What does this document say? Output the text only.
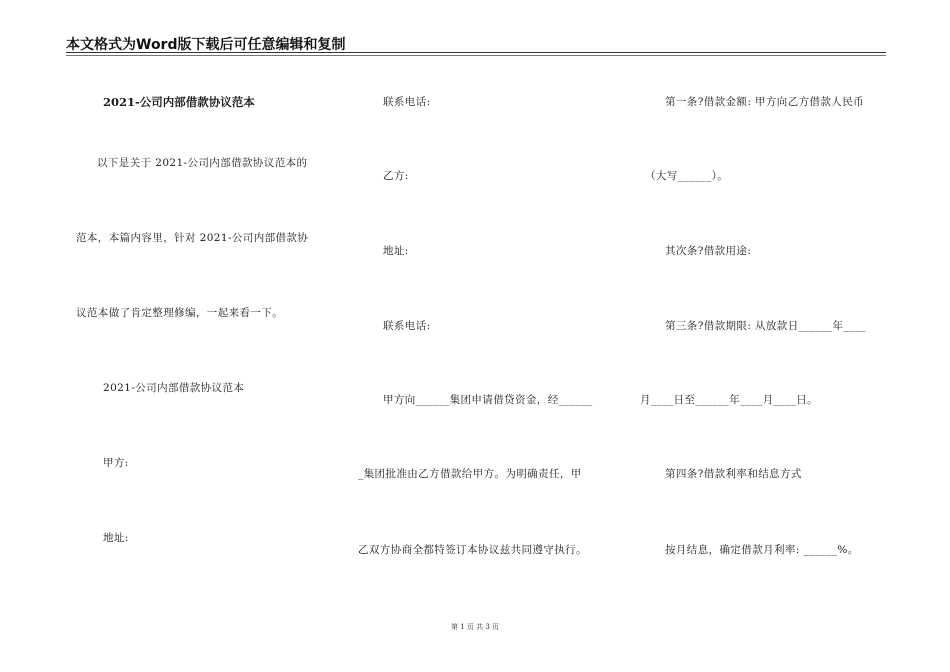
本文格式为Word版下载后可任意编辑和复制
2021-公司内部借款协议范本
以下是关于 2021-公司内部借款协议范本的
范本，本篇内容里，针对 2021-公司内部借款协
议范本做了肯定整理修编，一起来看一下。
2021-公司内部借款协议范本
甲方:
地址:
联系电话:
乙方:
地址:
联系电话:
甲方向______集团申请借贷资金，经______
_集团批准由乙方借款给甲方。为明确责任，甲
乙双方协商全都特签订本协议兹共同遵守执行。
第一条?借款金额: 甲方向乙方借款人民币
（大写______）。
其次条?借款用途:
第三条?借款期限: 从放款日______年____
月____日至______年____月____日。
第四条?借款利率和结息方式
按月结息，确定借款月利率: ______%。
第 1 页 共 3 页
